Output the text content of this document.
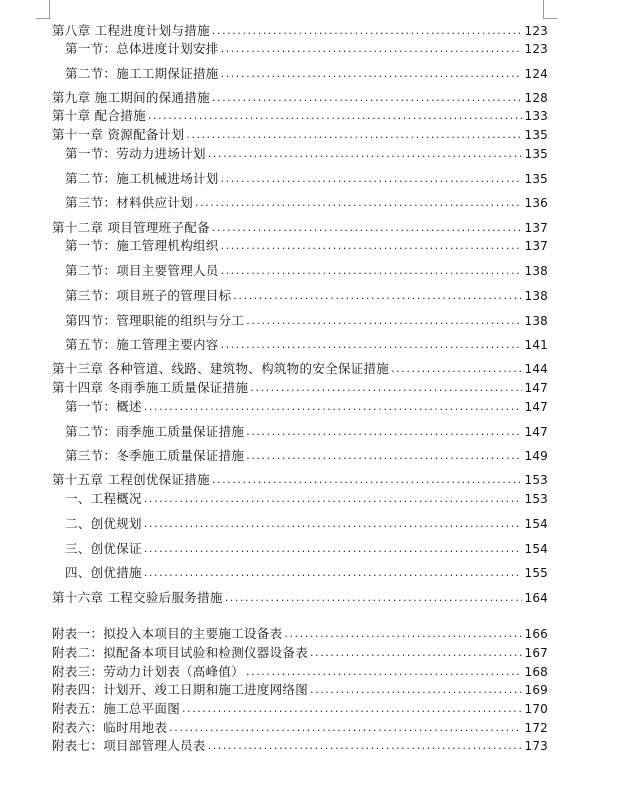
第八章 工程进度计划与措施 .....	123
第一节：总体进度计划安排 .....	123
第二节：施工工期保证措施 .....	124
第九章 施工期间的保通措施 .....	128
第十章 配合措施 .....	133
第十一章 资源配备计划 .....	135
第一节：劳动力进场计划 .....	135
第二节：施工机械进场计划 .....	135
第三节：材料供应计划 .....	136
第十二章 项目管理班子配备 .....	137
第一节：施工管理机构组织 .....	137
第二节：项目主要管理人员 .....	138
第三节：项目班子的管理目标 .....	138
第四节：管理职能的组织与分工 .....	138
第五节：施工管理主要内容 .....	141
第十三章 各种管道、线路、建筑物、构筑物的安全保证措施 .....	144
第十四章 冬雨季施工质量保证措施 .....	147
第一节：概述 .....	147
第二节：雨季施工质量保证措施 .....	147
第三节：冬季施工质量保证措施 .....	149
第十五章 工程创优保证措施 .....	153
一、工程概况 .....	153
二、创优规划 .....	154
三、创优保证 .....	154
四、创优措施 .....	155
第十六章 工程交验后服务措施 .....	164
附表一：拟投入本项目的主要施工设备表 .....	166
附表二：拟配备本项目试验和检测仪器设备表 .....	167
附表三：劳动力计划表（高峰值） .....	168
附表四：计划开、竣工日期和施工进度网络图 .....	169
附表五：施工总平面图 .....	170
附表六：临时用地表 .....	172
附表七：项目部管理人员表 .....	173
